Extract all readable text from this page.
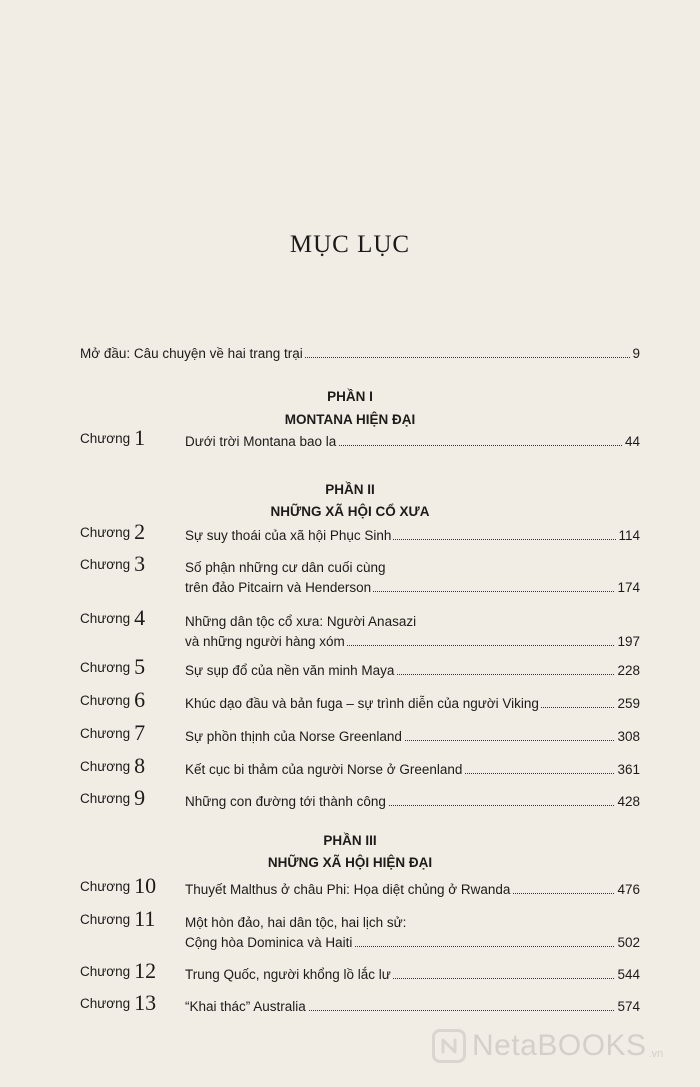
MỤC LỤC
Mở đầu: Câu chuyện về hai trang trại	9
PHẦN I
MONTANA HIỆN ĐẠI
Chương 1	Dưới trời Montana bao la	44
PHẦN II
NHỮNG XÃ HỘI CỔ XƯA
Chương 2	Sự suy thoái của xã hội Phục Sinh	114
Chương 3	Số phận những cư dân cuối cùng
trên đảo Pitcairn và Henderson	174
Chương 4	Những dân tộc cổ xưa: Người Anasazi
và những người hàng xóm	197
Chương 5	Sự sụp đổ của nền văn minh Maya	228
Chương 6	Khúc dạo đầu và bản fuga – sự trình diễn của người Viking	259
Chương 7	Sự phồn thịnh của Norse Greenland	308
Chương 8	Kết cục bi thảm của người Norse ở Greenland	361
Chương 9	Những con đường tới thành công	428
PHẦN III
NHỮNG XÃ HỘI HIỆN ĐẠI
Chương 10 Thuyết Malthus ở châu Phi: Họa diệt chủng ở Rwanda	476
Chương 11 Một hòn đảo, hai dân tộc, hai lịch sử:
Cộng hòa Dominica và Haiti	502
Chương 12 Trung Quốc, người khổng lồ lắc lư	544
Chương 13 “Khai thác” Australia	574
NetaBOOKS .vn
